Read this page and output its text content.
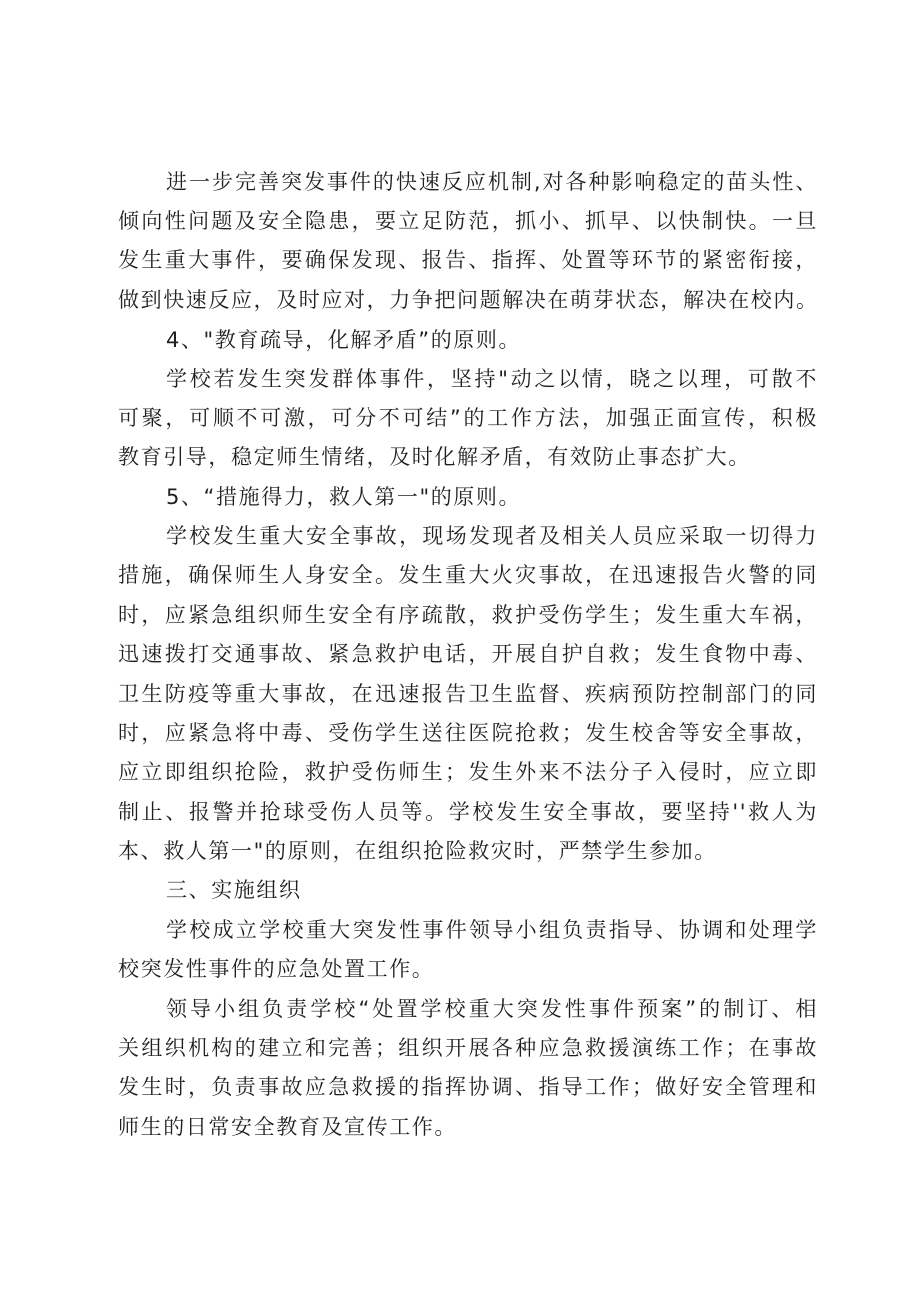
进一步完善突发事件的快速反应机制,对各种影响稳定的苗头性、
倾向性问题及安全隐患，要立足防范，抓小、抓早、以快制快。一旦
发生重大事件，要确保发现、报告、指挥、处置等环节的紧密衔接，
做到快速反应，及时应对，力争把问题解决在萌芽状态，解决在校内。
4、"教育疏导，化解矛盾”的原则。
学校若发生突发群体事件，坚持"动之以情，晓之以理，可散不
可聚，可顺不可激，可分不可结”的工作方法，加强正面宣传，积极
教育引导，稳定师生情绪，及时化解矛盾，有效防止事态扩大。
5、“措施得力，救人第一"的原则。
学校发生重大安全事故，现场发现者及相关人员应采取一切得力
措施，确保师生人身安全。发生重大火灾事故，在迅速报告火警的同
时，应紧急组织师生安全有序疏散，救护受伤学生；发生重大车祸，
迅速拨打交通事故、紧急救护电话，开展自护自救；发生食物中毒、
卫生防疫等重大事故，在迅速报告卫生监督、疾病预防控制部门的同
时，应紧急将中毒、受伤学生送往医院抢救；发生校舍等安全事故，
应立即组织抢险，救护受伤师生；发生外来不法分子入侵时，应立即
制止、报警并抢球受伤人员等。学校发生安全事故，要坚持''救人为
本、救人第一"的原则，在组织抢险救灾时，严禁学生参加。
三、实施组织
学校成立学校重大突发性事件领导小组负责指导、协调和处理学
校突发性事件的应急处置工作。
领导小组负责学校“处置学校重大突发性事件预案”的制订、相
关组织机构的建立和完善；组织开展各种应急救援演练工作；在事故
发生时，负责事故应急救援的指挥协调、指导工作；做好安全管理和
师生的日常安全教育及宣传工作。
